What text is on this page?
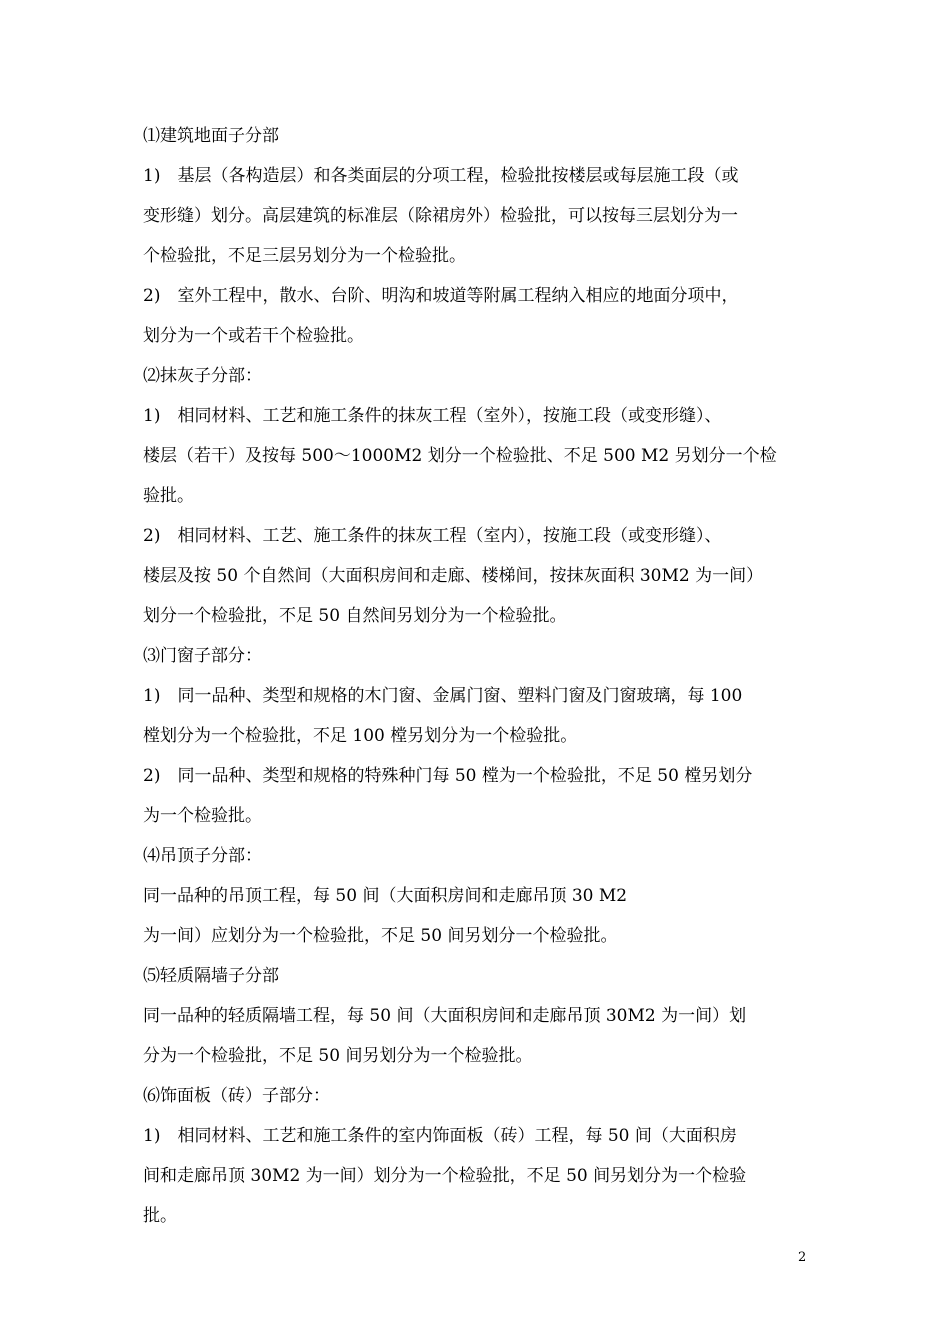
⑴建筑地面子分部
1)　基层（各构造层）和各类面层的分项工程，检验批按楼层或每层施工段（或
变形缝）划分。高层建筑的标准层（除裙房外）检验批，可以按每三层划分为一
个检验批，不足三层另划分为一个检验批。
2)　室外工程中，散水、台阶、明沟和坡道等附属工程纳入相应的地面分项中，
划分为一个或若干个检验批。
⑵抹灰子分部：
1)　相同材料、工艺和施工条件的抹灰工程（室外），按施工段（或变形缝）、
楼层（若干）及按每 500～1000M2 划分一个检验批、不足 500 M2 另划分一个检
验批。
2)　相同材料、工艺、施工条件的抹灰工程（室内），按施工段（或变形缝）、
楼层及按 50 个自然间（大面积房间和走廊、楼梯间，按抹灰面积 30M2 为一间）
划分一个检验批，不足 50 自然间另划分为一个检验批。
⑶门窗子部分：
1)　同一品种、类型和规格的木门窗、金属门窗、塑料门窗及门窗玻璃，每 100
樘划分为一个检验批，不足 100 樘另划分为一个检验批。
2)　同一品种、类型和规格的特殊种门每 50 樘为一个检验批，不足 50 樘另划分
为一个检验批。
⑷吊顶子分部：
同一品种的吊顶工程，每 50 间（大面积房间和走廊吊顶 30 M2
为一间）应划分为一个检验批，不足 50 间另划分一个检验批。
⑸轻质隔墙子分部
同一品种的轻质隔墙工程，每 50 间（大面积房间和走廊吊顶 30M2 为一间）划
分为一个检验批，不足 50 间另划分为一个检验批。
⑹饰面板（砖）子部分：
1)　相同材料、工艺和施工条件的室内饰面板（砖）工程，每 50 间（大面积房
间和走廊吊顶 30M2 为一间）划分为一个检验批，不足 50 间另划分为一个检验
批。
2
